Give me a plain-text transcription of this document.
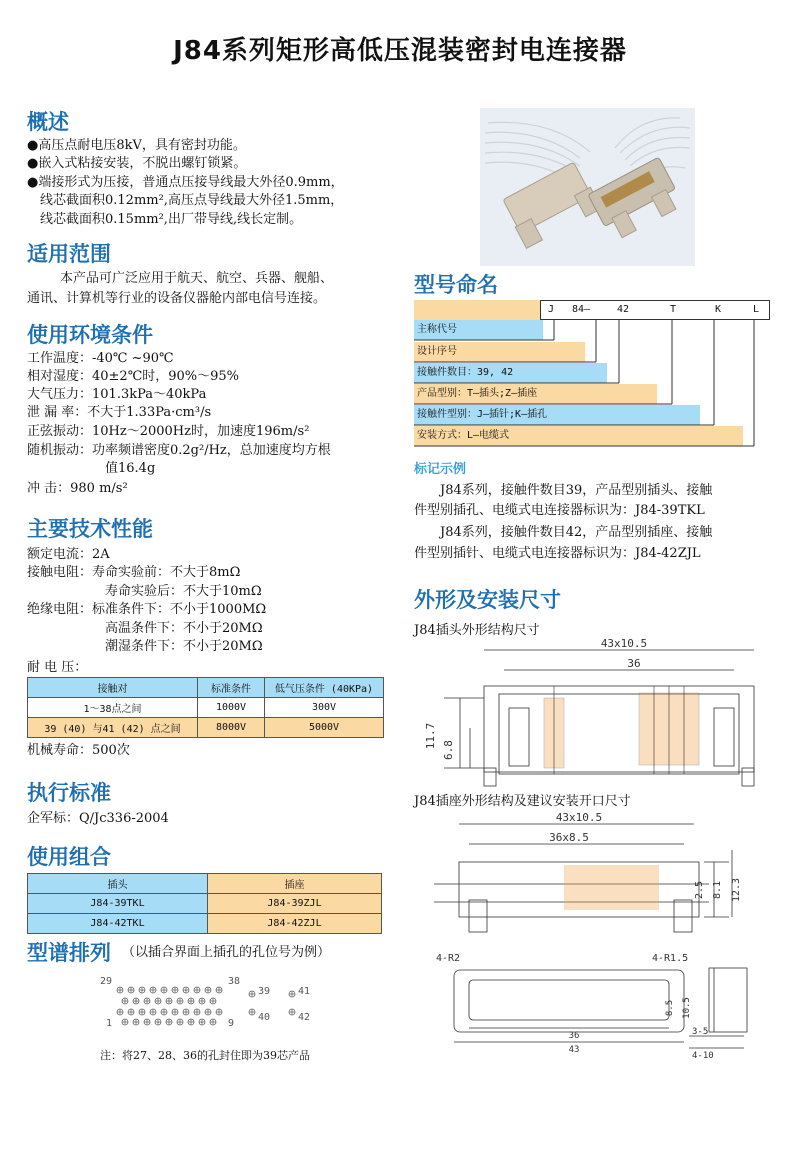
J84系列矩形高低压混装密封电连接器
概述
●高压点耐电压8kV，具有密封功能。
●嵌入式粘接安装，不脱出螺钉锁紧。
●端接形式为压接，普通点压接导线最大外径0.9mm，
线芯截面积0.12mm²,高压点导线最大外径1.5mm，
线芯截面积0.15mm²,出厂带导线,线长定制。
适用范围
本产品可广泛应用于航天、航空、兵器、舰船、
通讯、计算机等行业的设备仪器舱内部电信号连接。
使用环境条件
工作温度：-40℃ ~90℃
相对湿度：40±2℃时，90%～95%
大气压力：101.3kPa～40kPa
泄 漏 率：不大于1.33Pa·cm³/s
正弦振动：10Hz～2000Hz时，加速度196m/s²
随机振动：功率频谱密度0.2g²/Hz，总加速度均方根
值16.4g
冲 击：980 m/s²
主要技术性能
额定电流：2A
接触电阻：寿命实验前：不大于8mΩ
寿命实验后：不大于10mΩ
绝缘电阻：标准条件下：不小于1000MΩ
高温条件下：不小于20MΩ
潮湿条件下：不小于20MΩ
耐 电 压：
接触对	标准条件	低气压条件 (40KPa)
1～38点之间	1000V	300V
39 (40) 与41 (42) 点之间	8000V	5000V
机械寿命：500次
执行标准
企军标：Q/Jc336-2004
使用组合
插头	插座
J84-39TKL	J84-39ZJL
J84-42TKL	J84-42ZJL
型谱排列 （以插合界面上插孔的孔位号为例）
29	38
39	41
1	9
40	42
注：将27、28、36的孔封住即为39芯产品
型号命名
J	84—	42	T	K	L
主称代号
设计序号
接触件数目：39, 42
产品型别：T—插头;Z—插座
接触件型别：J—插针;K—插孔
安装方式：L—电缆式
标记示例
J84系列，接触件数目39，产品型别插头、接触
件型别插孔、电缆式电连接器标识为：J84-39TKL
J84系列，接触件数目42，产品型别插座、接触
件型别插针、电缆式电连接器标识为：J84-42ZJL
外形及安装尺寸
J84插头外形结构尺寸
43x10.5
36
11.7
6.8
J84插座外形结构及建议安装开口尺寸
43x10.5
36x8.5
2.5 8.1 12.3
4-R2	4-R1.5
8.5 10.5
36
43
3-5
4-10
